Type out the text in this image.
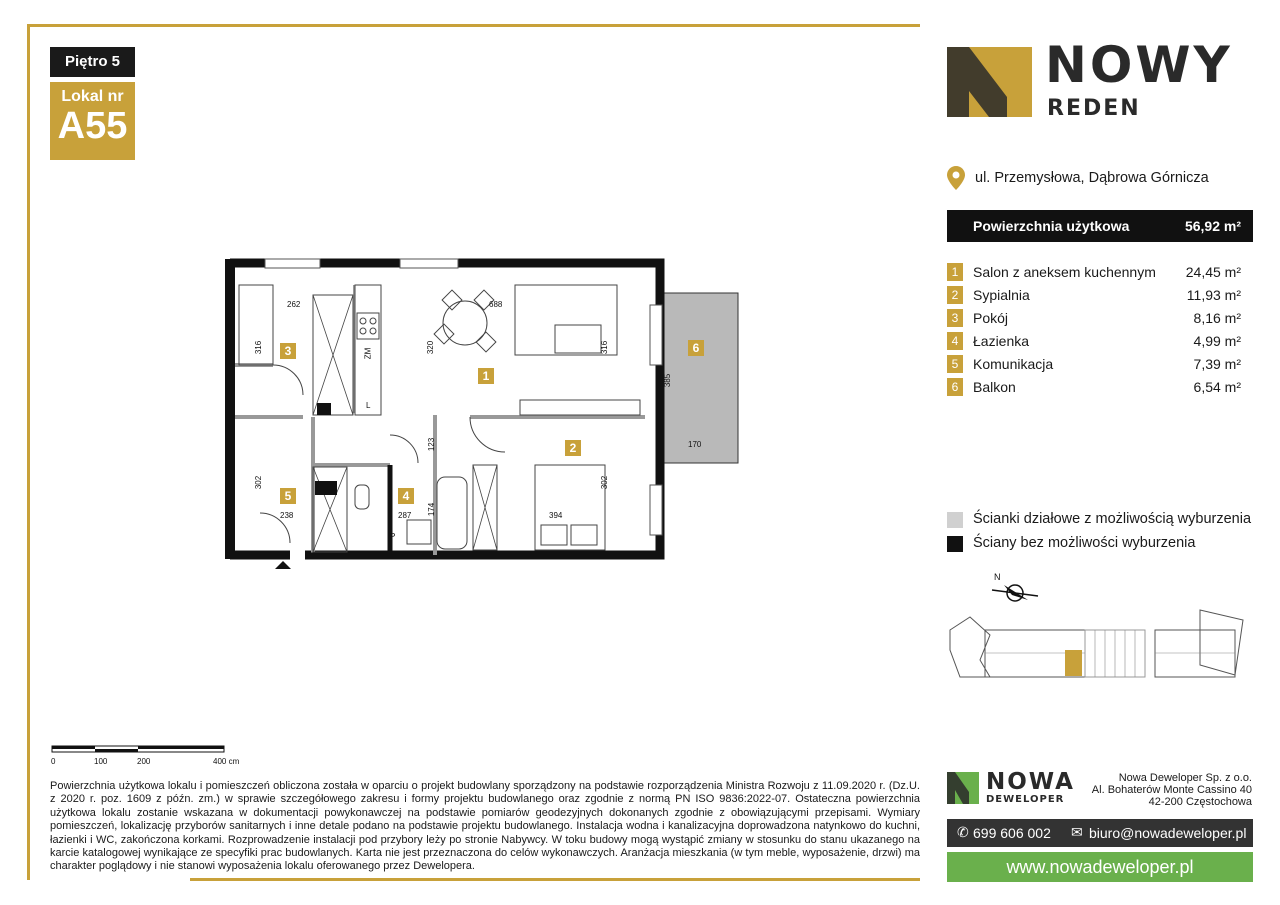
Piętro 5
Lokal nr
A55
262	688
316	320	316
385
170
123
302	302
238	287 174	394
ZM
L
P
1
2
3
4
5
6
0	100	200	400 cm
Powierzchnia użytkowa lokalu i pomieszczeń obliczona została w oparciu o projekt budowlany sporządzony na podstawie rozporządzenia Ministra Rozwoju z 11.09.2020 r. (Dz.U. z 2020 r. poz. 1609 z późn. zm.) w sprawie szczegółowego zakresu i formy projektu budowlanego oraz zgodnie z normą PN ISO 9836:2022-07. Ostateczna powierzchnia użytkowa lokalu zostanie wskazana w dokumentacji powykonawczej na podstawie pomiarów geodezyjnych dokonanych zgodnie z obowiązującymi przepisami. Wymiary pomieszczeń, lokalizację przyborów sanitarnych i inne detale podano na podstawie projektu budowlanego. Instalacja wodna i kanalizacyjna doprowadzona natynkowo do kuchni, łazienki i WC, zakończona korkami. Rozprowadzenie instalacji pod przybory leży po stronie Nabywcy. W toku budowy mogą wystąpić zmiany w stosunku do stanu ukazanego na karcie katalogowej wynikające ze specyfiki prac budowlanych. Karta nie jest przeznaczona do celów wykonawczych. Aranżacja mieszkania (w tym meble, wyposażenie, drzwi) ma charakter poglądowy i nie stanowi wyposażenia lokalu oferowanego przez Dewelopera.
NOWY
REDEN
ul. Przemysłowa, Dąbrowa Górnicza
Powierzchnia użytkowa	56,92 m²
1	Salon z aneksem kuchennym 24,45 m²
2	Sypialnia	11,93 m²
3	Pokój	8,16 m²
4	Łazienka	4,99 m²
5	Komunikacja	7,39 m²
6	Balkon	6,54 m²
Ścianki działowe z możliwością wyburzenia
Ściany bez możliwości wyburzenia
N
NOWA
DEWELOPER
Nowa Deweloper Sp. z o.o.
Al. Bohaterów Monte Cassino 40
42-200 Częstochowa
✆ 699 606 002 ✉ biuro@nowadeweloper.pl
www.nowadeweloper.pl
